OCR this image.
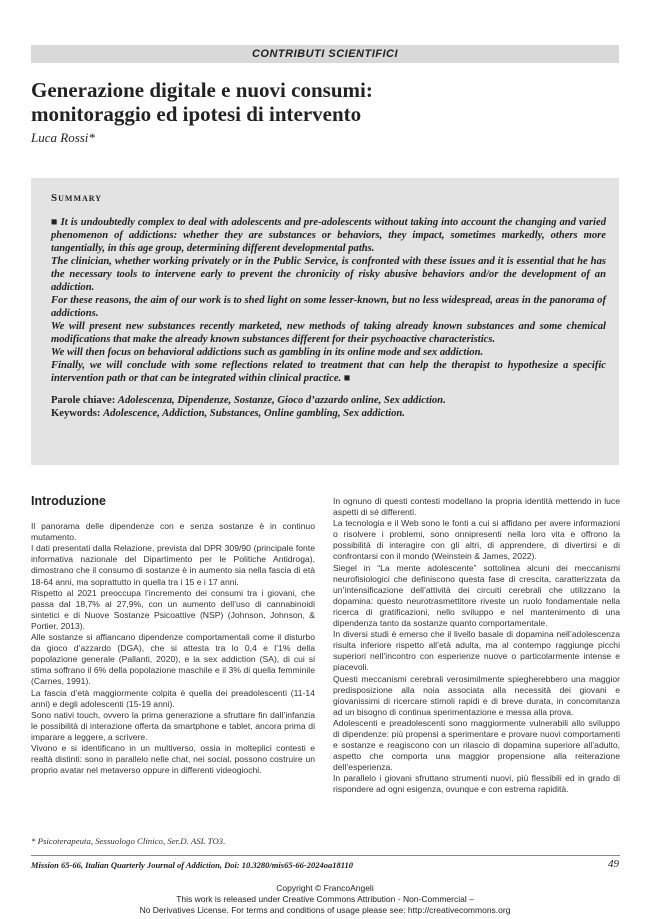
CONTRIBUTI SCIENTIFICI
Generazione digitale e nuovi consumi:
monitoraggio ed ipotesi di intervento
Luca Rossi*
Summary

■ It is undoubtedly complex to deal with adolescents and pre-adolescents without taking into account the changing and varied phenomenon of addictions: whether they are substances or behaviors, they impact, sometimes markedly, others more tangentially, in this age group, determining different developmental paths.

The clinician, whether working privately or in the Public Service, is confronted with these issues and it is essential that he has the necessary tools to intervene early to prevent the chronicity of risky abusive behaviors and/or the development of an addiction.

For these reasons, the aim of our work is to shed light on some lesser-known, but no less widespread, areas in the panorama of addictions.

We will present new substances recently marketed, new methods of taking already known substances and some chemical modifications that make the already known substances different for their psychoactive characteristics.

We will then focus on behavioral addictions such as gambling in its online mode and sex addiction.

Finally, we will conclude with some reflections related to treatment that can help the therapist to hypothesize a specific intervention path or that can be integrated within clinical practice. ■

Parole chiave: Adolescenza, Dipendenze, Sostanze, Gioco d’azzardo online, Sex addiction.

Keywords: Adolescence, Addiction, Substances, Online gambling, Sex addiction.

Introduzione

Il panorama delle dipendenze con e senza sostanze è in continuo mutamento.

I dati presentati dalla Relazione, prevista dal DPR 309/90 (principale fonte informativa nazionale del Dipartimento per le Politiche Antidroga), dimostrano che il consumo di sostanze è in aumento sia nella fascia di età 18-64 anni, ma soprattutto in quella tra i 15 e i 17 anni.

Rispetto al 2021 preoccupa l’incremento dei consumi tra i giovani, che passa dal 18,7% al 27,9%, con un aumento dell’uso di cannabinoidi sintetici e di Nuove Sostanze Psicoattive (NSP) (Johnson, Johnson, & Portier, 2013).

Alle sostanze si affiancano dipendenze comportamentali come il disturbo da gioco d’azzardo (DGA), che si attesta tra lo 0,4 e l’1% della popolazione generale (Pallanti, 2020), e la sex addiction (SA), di cui si stima soffrano il 6% della popolazione maschile e il 3% di quella femminile (Carnes, 1991).

La fascia d’età maggiormente colpita è quella dei preadolescenti (11-14 anni) e degli adolescenti (15-19 anni).

Sono nativi touch, ovvero la prima generazione a sfruttare fin dall’infanzia le possibilità di interazione offerta da smartphone e tablet, ancora prima di imparare a leggere, a scrivere.

Vivono e si identificano in un multiverso, ossia in molteplici contesti e realtà distinti: sono in parallelo nelle chat, nei social, possono costruire un proprio avatar nel metaverso oppure in differenti videogiochi.

In ognuno di questi contesti modellano la propria identità mettendo in luce aspetti di sé differenti.

La tecnologia e il Web sono le fonti a cui si affidano per avere informazioni o risolvere i problemi, sono onnipresenti nella loro vita e offrono la possibilità di interagire con gli altri, di apprendere, di divertirsi e di confrontarsi con il mondo (Weinstein & James, 2022).

Siegel in “La mente adolescente” sottolinea alcuni dei meccanismi neurofisiologici che definiscono questa fase di crescita, caratterizzata da un’intensificazione dell’attività dei circuiti cerebrali che utilizzano la dopamina: questo neurotrasmettitore riveste un ruolo fondamentale nella ricerca di gratificazioni, nello sviluppo e nel mantenimento di una dipendenza tanto da sostanze quanto comportamentale.

In diversi studi è emerso che il livello basale di dopamina nell’adolescenza risulta inferiore rispetto all’età adulta, ma al contempo raggiunge picchi superiori nell’incontro con esperienze nuove o particolarmente intense e piacevoli.

Questi meccanismi cerebrali verosimilmente spiegherebbero una maggior predisposizione alla noia associata alla necessità dei giovani e giovanissimi di ricercare stimoli rapidi e di breve durata, in concomitanza ad un bisogno di continua sperimentazione e messa alla prova.

Adolescenti e preadolescenti sono maggiormente vulnerabili allo sviluppo di dipendenze: più propensi a sperimentare e provare nuovi comportamenti e sostanze e reagiscono con un rilascio di dopamina superiore all’adulto, aspetto che comporta una maggior propensione alla reiterazione dell’esperienza.

In parallelo i giovani sfruttano strumenti nuovi, più flessibili ed in grado di rispondere ad ogni esigenza, ovunque e con estrema rapidità.

* Psicoterapeuta, Sessuologo Clinico, Ser.D. ASL TO3.
Mission 65-66, Italian Quarterly Journal of Addiction, Doi: 10.3280/mis65-66-2024oa18110	49
Copyright © FrancoAngeli
This work is released under Creative Commons Attribution - Non-Commercial –
No Derivatives License. For terms and conditions of usage please see: http://creativecommons.org
